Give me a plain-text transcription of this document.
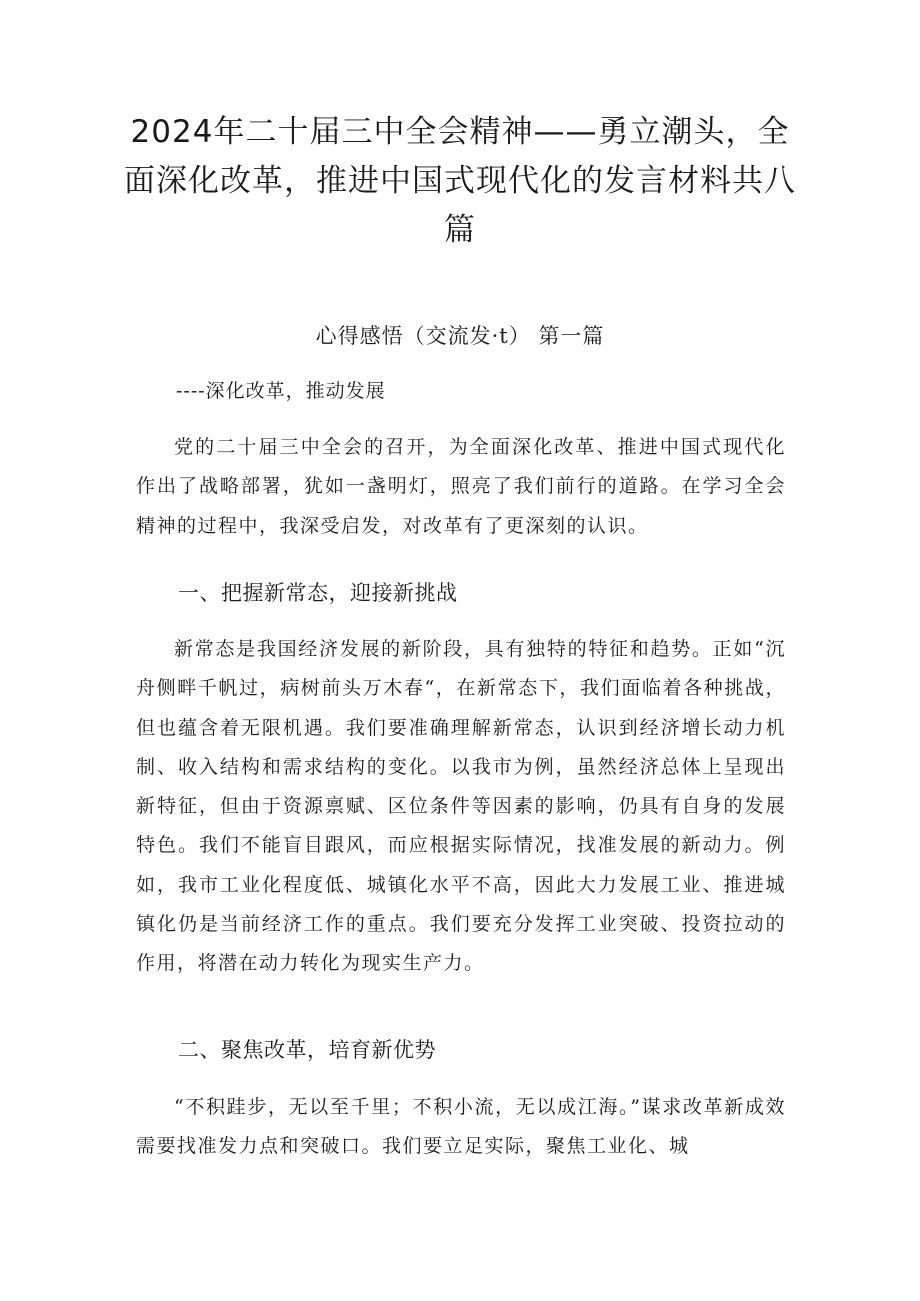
2024年二十届三中全会精神——勇立潮头，全面深化改革，推进中国式现代化的发言材料共八篇
心得感悟（交流发·t） 第一篇

----深化改革，推动发展

党的二十届三中全会的召开，为全面深化改革、推进中国式现代化作出了战略部署，犹如一盏明灯，照亮了我们前行的道路。在学习全会精神的过程中，我深受启发，对改革有了更深刻的认识。

一、把握新常态，迎接新挑战

新常态是我国经济发展的新阶段，具有独特的特征和趋势。正如“沉舟侧畔千帆过，病树前头万木春“，在新常态下，我们面临着各种挑战，但也蕴含着无限机遇。我们要准确理解新常态，认识到经济增长动力机制、收入结构和需求结构的变化。以我市为例，虽然经济总体上呈现出新特征，但由于资源禀赋、区位条件等因素的影响，仍具有自身的发展特色。我们不能盲目跟风，而应根据实际情况，找准发展的新动力。例如，我市工业化程度低、城镇化水平不高，因此大力发展工业、推进城镇化仍是当前经济工作的重点。我们要充分发挥工业突破、投资拉动的作用，将潜在动力转化为现实生产力。

二、聚焦改革，培育新优势

“不积跬步，无以至千里；不积小流，无以成江海。”谋求改革新成效需要找准发力点和突破口。我们要立足实际，聚焦工业化、城
